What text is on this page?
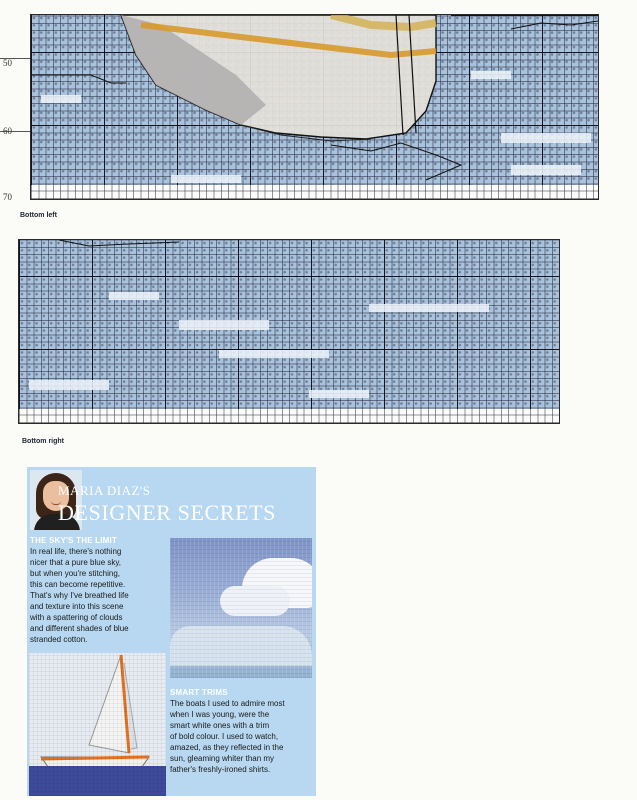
50
60
70
Bottom left
Bottom right
MARIA DIAZ'S
DESIGNER SECRETS
THE SKY'S THE LIMIT
In real life, there's nothing
nicer that a pure blue sky,
but when you're stitching,
this can become repetitive.
That's why I've breathed life
and texture into this scene
with a spattering of clouds
and different shades of blue
stranded cotton.
SMART TRIMS
The boats I used to admire most
when I was young, were the
smart white ones with a trim
of bold colour. I used to watch,
amazed, as they reflected in the
sun, gleaming whiter than my
father's freshly-ironed shirts.
